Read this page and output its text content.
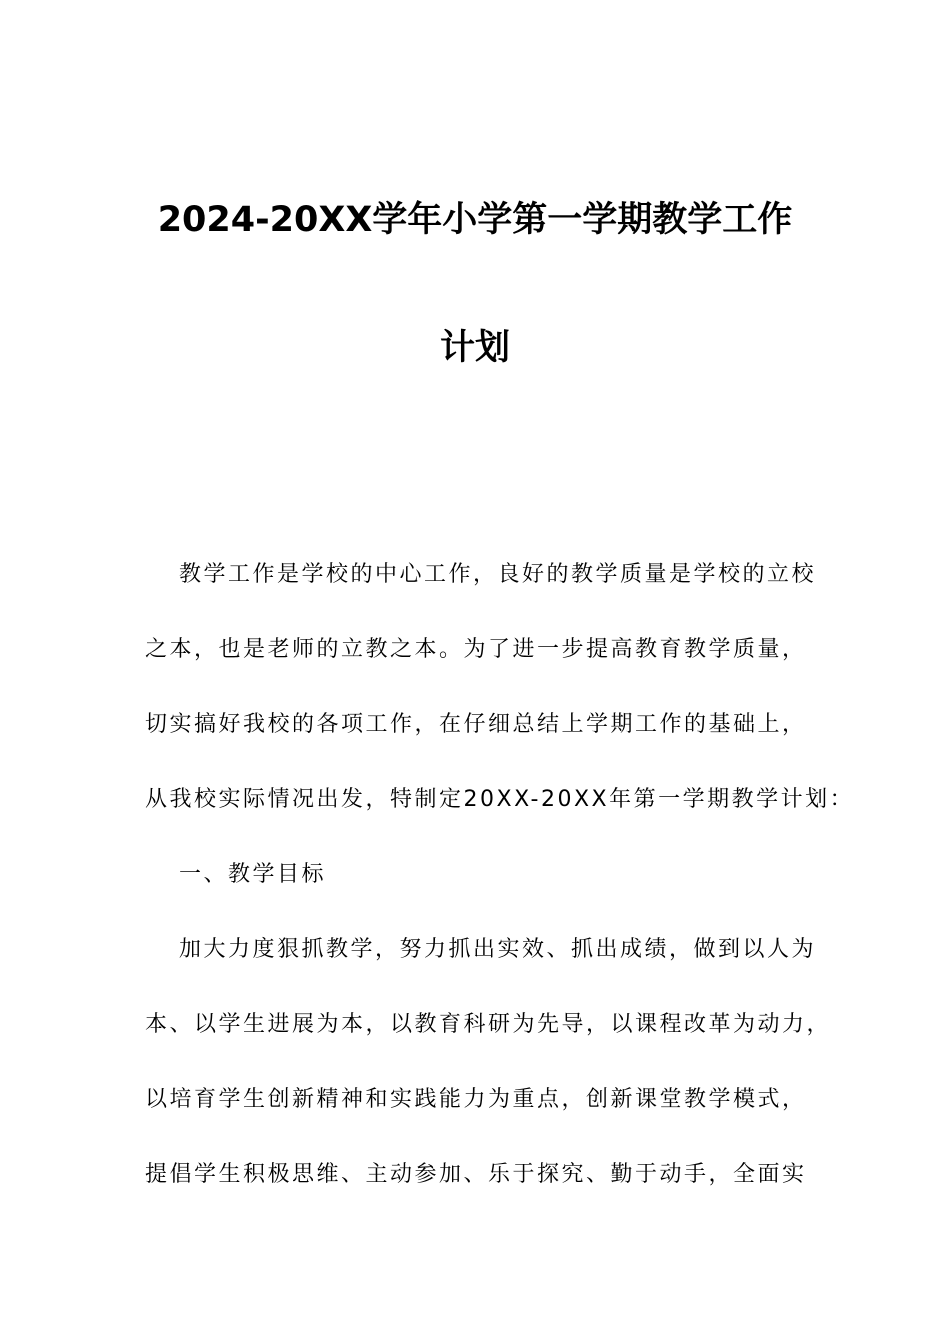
2024-20XX学年小学第一学期教学工作
计划
教学工作是学校的中心工作，良好的教学质量是学校的立校
之本，也是老师的立教之本。为了进一步提高教育教学质量，
切实搞好我校的各项工作，在仔细总结上学期工作的基础上，
从我校实际情况出发，特制定20XX-20XX年第一学期教学计划：
一、教学目标
加大力度狠抓教学，努力抓出实效、抓出成绩，做到以人为
本、以学生进展为本，以教育科研为先导，以课程改革为动力，
以培育学生创新精神和实践能力为重点，创新课堂教学模式，
提倡学生积极思维、主动参加、乐于探究、勤于动手，全面实
